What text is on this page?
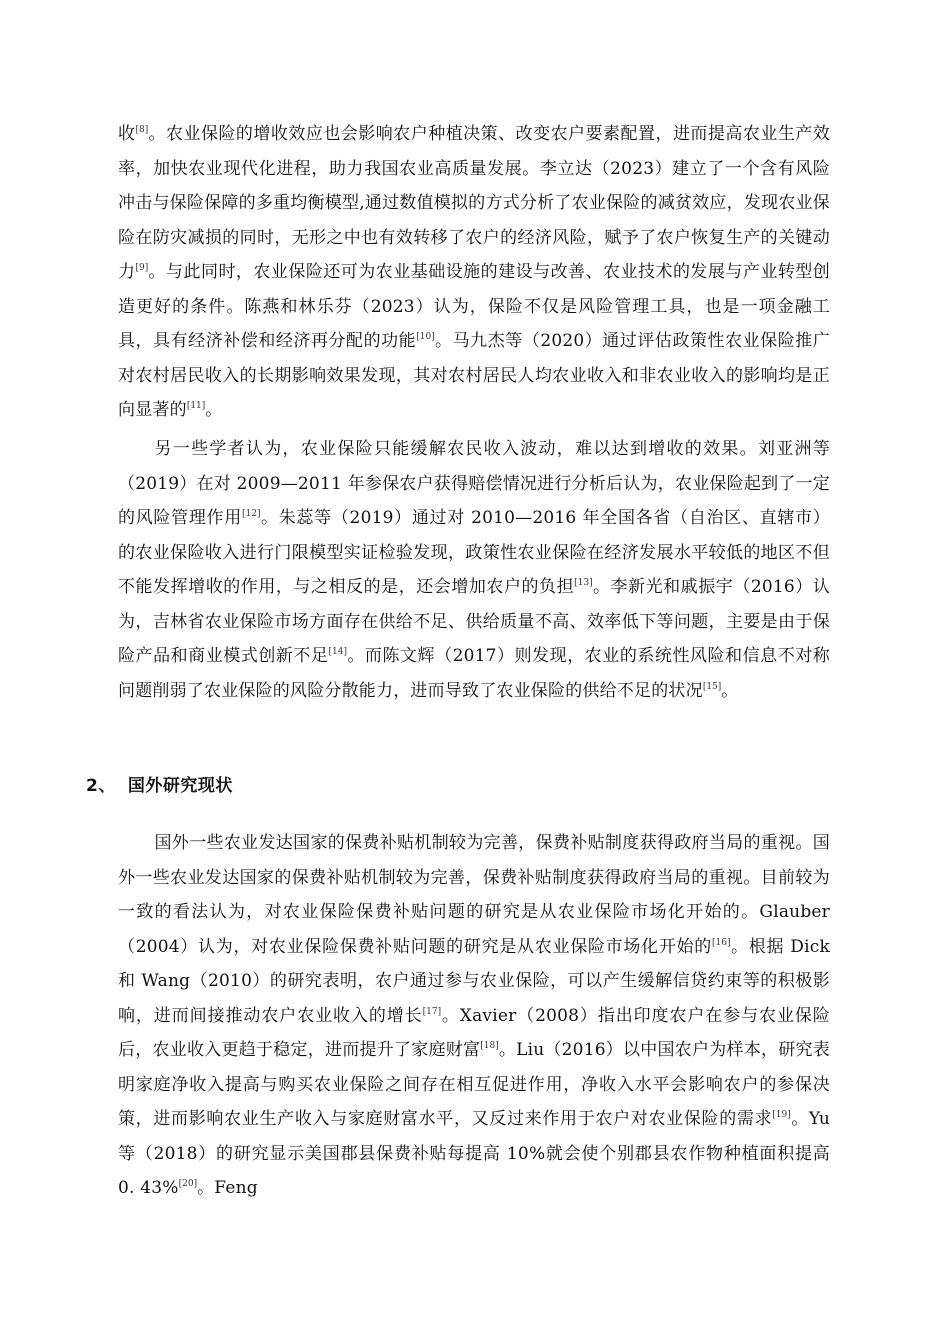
收[8]。农业保险的增收效应也会影响农户种植决策、改变农户要素配置，进而提高农业生产效率，加快农业现代化进程，助力我国农业高质量发展。李立达（2023）建立了一个含有风险冲击与保险保障的多重均衡模型,通过数值模拟的方式分析了农业保险的减贫效应，发现农业保险在防灾减损的同时，无形之中也有效转移了农户的经济风险，赋予了农户恢复生产的关键动力[9]。与此同时，农业保险还可为农业基础设施的建设与改善、农业技术的发展与产业转型创造更好的条件。陈燕和林乐芬（2023）认为，保险不仅是风险管理工具，也是一项金融工具，具有经济补偿和经济再分配的功能[10]。马九杰等（2020）通过评估政策性农业保险推广对农村居民收入的长期影响效果发现，其对农村居民人均农业收入和非农业收入的影响均是正向显著的[11]。

另一些学者认为，农业保险只能缓解农民收入波动，难以达到增收的效果。刘亚洲等（2019）在对 2009—2011 年参保农户获得赔偿情况进行分析后认为，农业保险起到了一定的风险管理作用[12]。朱蕊等（2019）通过对 2010—2016 年全国各省（自治区、直辖市）的农业保险收入进行门限模型实证检验发现，政策性农业保险在经济发展水平较低的地区不但不能发挥增收的作用，与之相反的是，还会增加农户的负担[13]。李新光和戚振宇（2016）认为，吉林省农业保险市场方面存在供给不足、供给质量不高、效率低下等问题，主要是由于保险产品和商业模式创新不足[14]。而陈文辉（2017）则发现，农业的系统性风险和信息不对称问题削弱了农业保险的风险分散能力，进而导致了农业保险的供给不足的状况[15]。

2、 国外研究现状

国外一些农业发达国家的保费补贴机制较为完善，保费补贴制度获得政府当局的重视。国外一些农业发达国家的保费补贴机制较为完善，保费补贴制度获得政府当局的重视。目前较为一致的看法认为，对农业保险保费补贴问题的研究是从农业保险市场化开始的。Glauber（2004）认为，对农业保险保费补贴问题的研究是从农业保险市场化开始的[16]。根据 Dick 和 Wang（2010）的研究表明，农户通过参与农业保险，可以产生缓解信贷约束等的积极影响，进而间接推动农户农业收入的增长[17]。Xavier（2008）指出印度农户在参与农业保险后，农业收入更趋于稳定，进而提升了家庭财富[18]。Liu（2016）以中国农户为样本，研究表明家庭净收入提高与购买农业保险之间存在相互促进作用，净收入水平会影响农户的参保决策，进而影响农业生产收入与家庭财富水平，又反过来作用于农户对农业保险的需求[19]。Yu 等（2018）的研究显示美国郡县保费补贴每提高 10%就会使个别郡县农作物种植面积提高 0. 43%[20]。Feng
